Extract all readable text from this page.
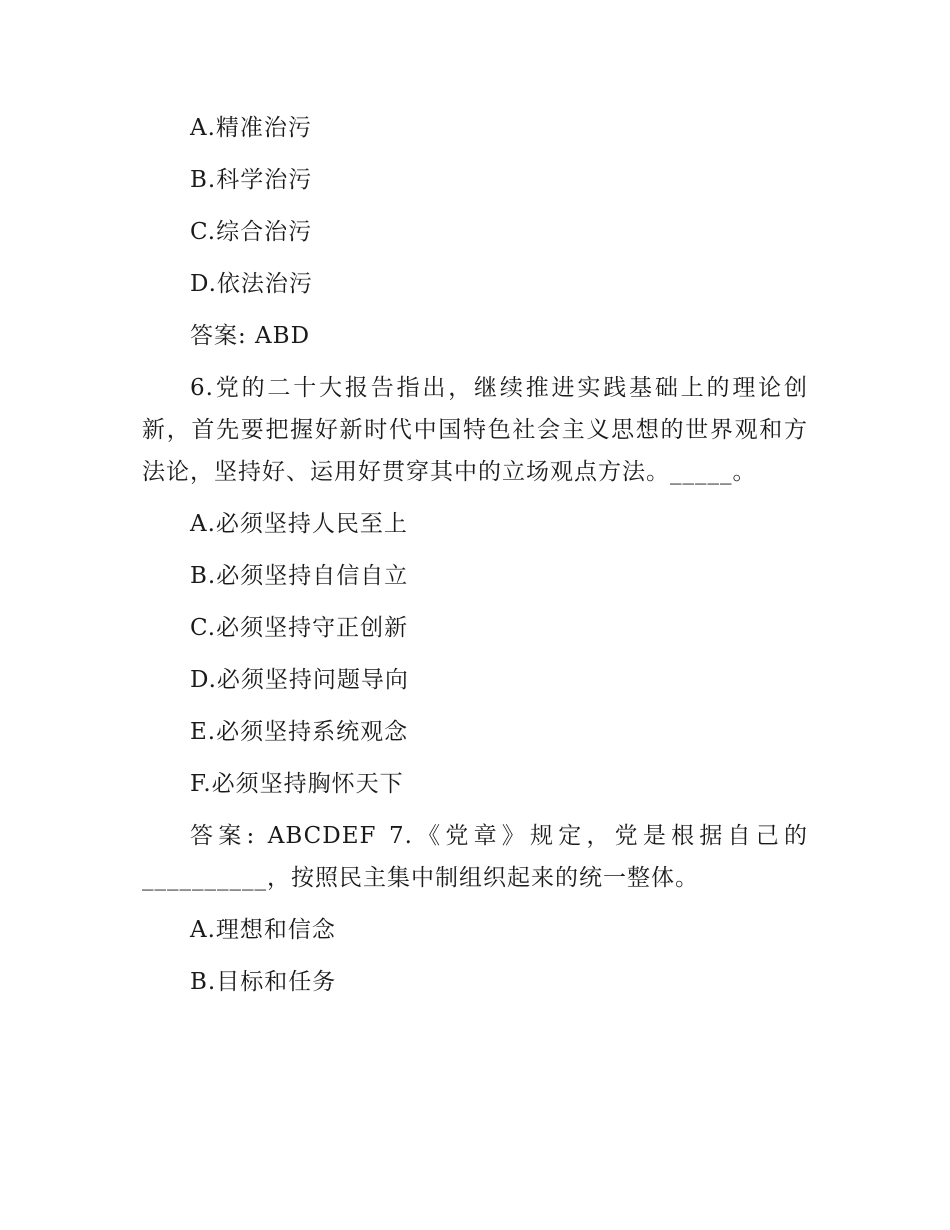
A.精准治污
B.科学治污
C.综合治污
D.依法治污
答案: ABD
6.党的二十大报告指出，继续推进实践基础上的理论创
新，首先要把握好新时代中国特色社会主义思想的世界观和方
法论，坚持好、运用好贯穿其中的立场观点方法。_____。
A.必须坚持人民至上
B.必须坚持自信自立
C.必须坚持守正创新
D.必须坚持问题导向
E.必须坚持系统观念
F.必须坚持胸怀天下
答案: ABCDEF 7.《党章》规定，党是根据自己的
__________，按照民主集中制组织起来的统一整体。
A.理想和信念
B.目标和任务
